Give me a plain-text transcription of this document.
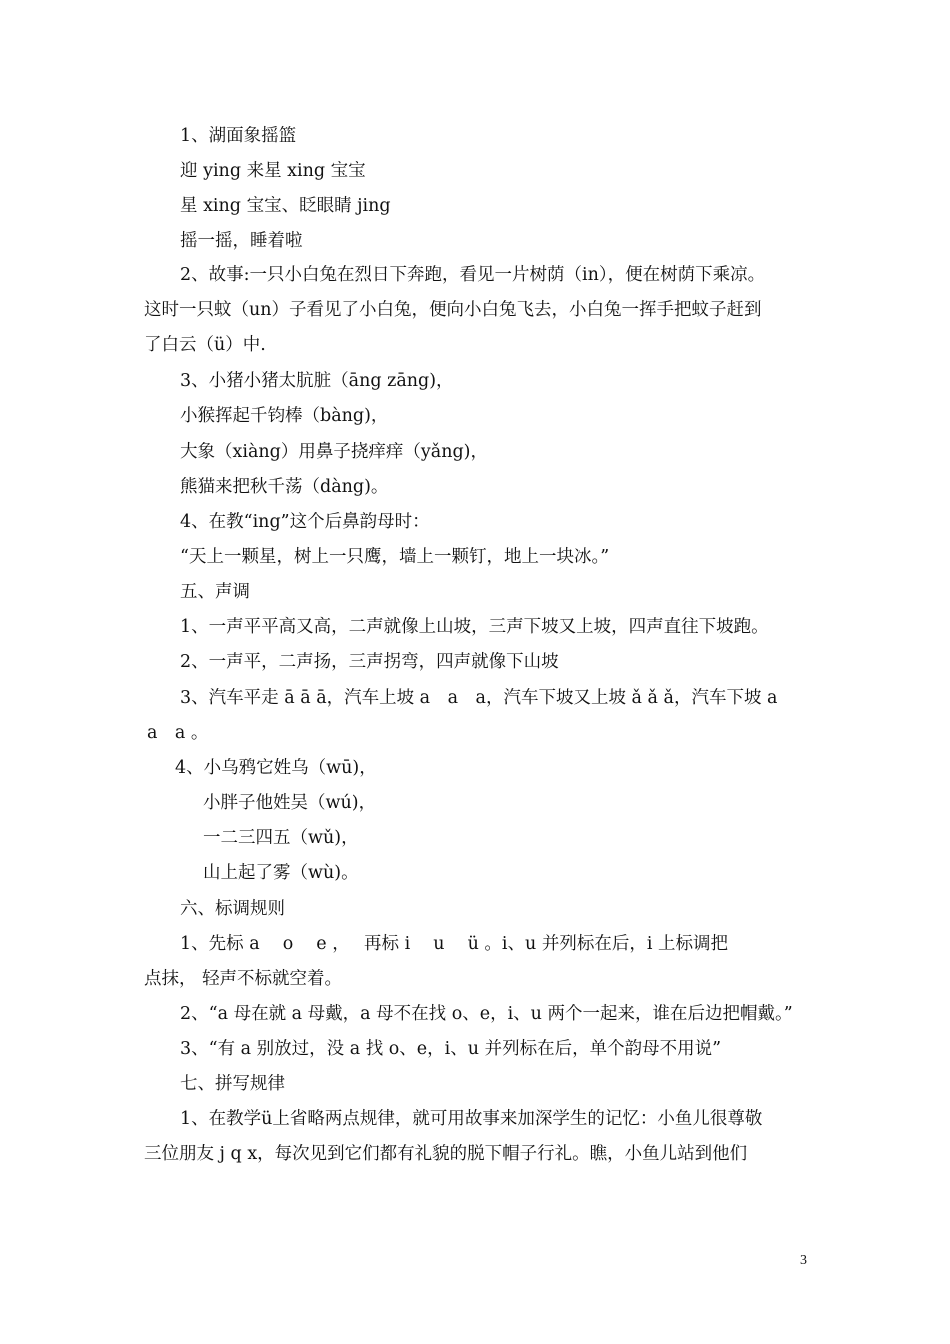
1、湖面象摇篮
迎 ying 来星 xing 宝宝
星 xing 宝宝、眨眼睛 jing
摇一摇，睡着啦
2、故事:一只小白兔在烈日下奔跑，看见一片树荫（in），便在树荫下乘凉。
这时一只蚊（un）子看见了小白兔，便向小白兔飞去，小白兔一挥手把蚊子赶到
了白云（ü）中.
3、小猪小猪太肮脏（āng zāng)，
小猴挥起千钧棒（bàng)，
大象（xiàng）用鼻子挠痒痒（yǎng)，
熊猫来把秋千荡（dàng)。
4、在教“ing”这个后鼻韵母时：
“天上一颗星，树上一只鹰，墙上一颗钉，地上一块冰。”
五、声调
1、一声平平高又高，二声就像上山坡，三声下坡又上坡，四声直往下坡跑。
2、一声平，二声扬，三声拐弯，四声就像下山坡
3、汽车平走 ā ā ā，汽车上坡 a　a　a，汽车下坡又上坡 ǎ ǎ ǎ，汽车下坡 a
a　a 。
4、小乌鸦它姓乌（wū)，
小胖子他姓吴（wú)，
一二三四五（wǔ)，
山上起了雾（wù)。
六、标调规则
1、先标 a　 o　 e ，　 再标 i　 u　 ü 。i、u 并列标在后，i 上标调把
点抹， 轻声不标就空着。
2、“a 母在就 a 母戴，a 母不在找 o、e，i、u 两个一起来，谁在后边把帽戴。”
3、“有 a 别放过，没 a 找 o、e，i、u 并列标在后，单个韵母不用说”
七、拼写规律
1、在教学ü上省略两点规律，就可用故事来加深学生的记忆：小鱼儿很尊敬
三位朋友 j q x，每次见到它们都有礼貌的脱下帽子行礼。瞧，小鱼儿站到他们
3
